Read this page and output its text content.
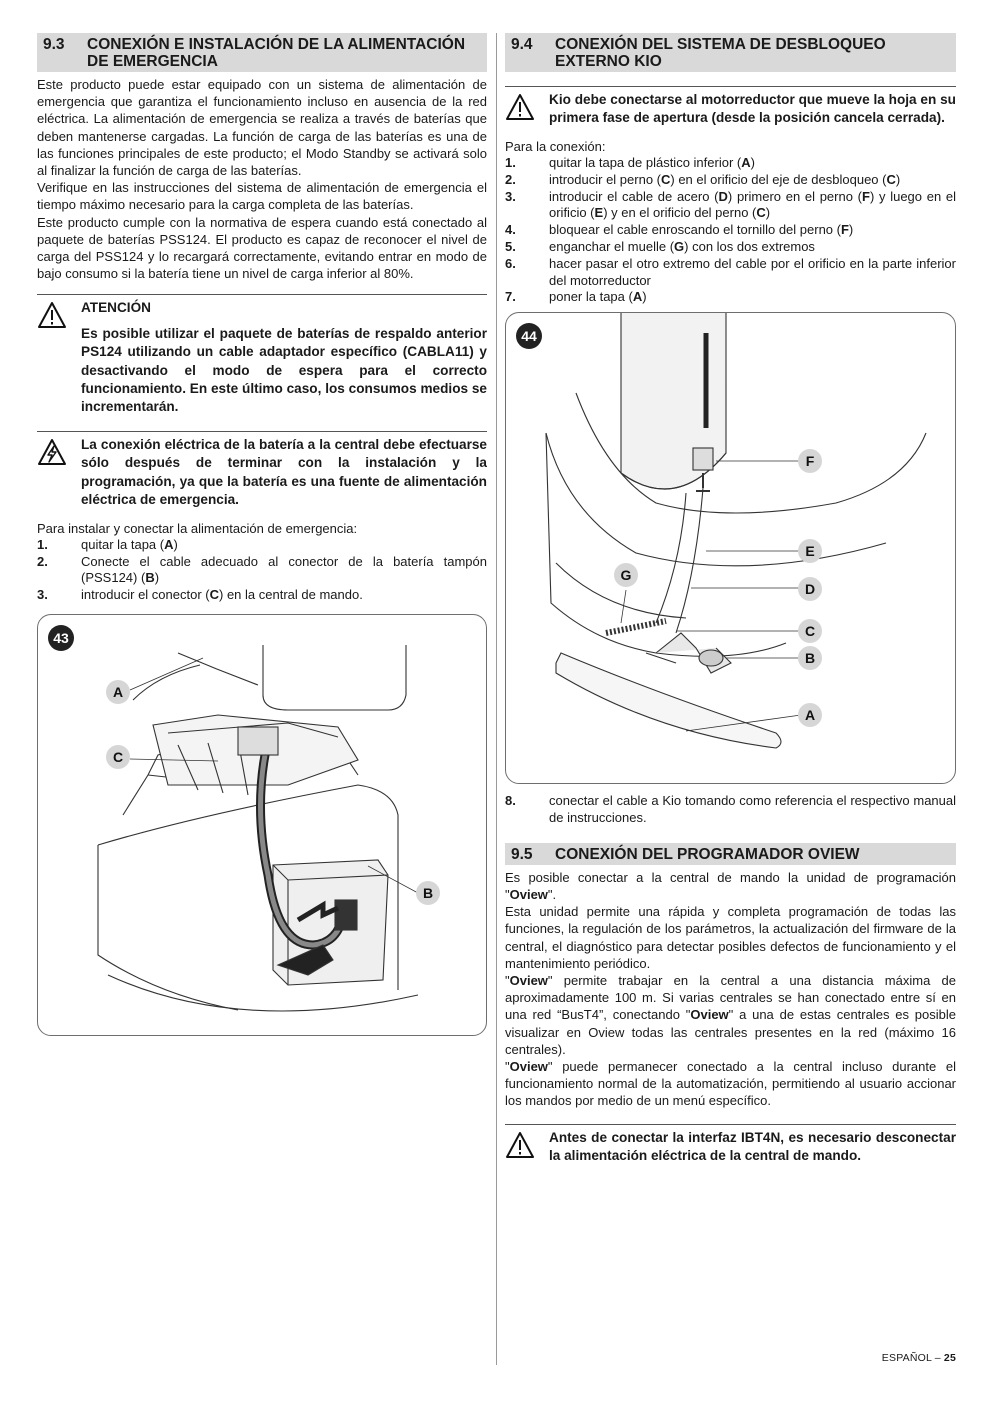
9.3	CONEXIÓN E INSTALACIÓN DE LA ALIMENTACIÓN DE EMERGENCIA

Este producto puede estar equipado con un sistema de alimentación de emergencia que garantiza el funcionamiento incluso en ausencia de la red eléctrica. La alimentación de emergencia se realiza a través de baterías que deben mantenerse cargadas. La función de carga de las baterías es una de las funciones principales de este producto; el Modo Standby se activará solo al finalizar la función de carga de las baterías.

Verifique en las instrucciones del sistema de alimentación de emergencia el tiempo máximo necesario para la carga completa de las baterías.

Este producto cumple con la normativa de espera cuando está conectado al paquete de baterías PSS124. El producto es capaz de reconocer el nivel de carga del PSS124 y lo recargará correctamente, evitando entrar en modo de bajo consumo si la batería tiene un nivel de carga inferior al 80%.

ATENCIÓN
Es posible utilizar el paquete de baterías de respaldo anterior PS124 utilizando un cable adaptador específico (CABLA11) y desactivando el modo de espera para el correcto funcionamiento. En este último caso, los consumos medios se incrementarán.
La conexión eléctrica de la batería a la central debe efectuarse sólo después de terminar con la instalación y la programación, ya que la batería es una fuente de alimentación eléctrica de emergencia.

Para instalar y conectar la alimentación de emergencia:

1.	quitar la tapa (A)
2.	Conecte el cable adecuado al conector de la batería tampón (PSS124) (B)
3.	introducir el conector (C) en la central de mando.
43
A
C
B
9.4	CONEXIÓN DEL SISTEMA DE DESBLOQUEO EXTERNO KIO
Kio debe conectarse al motorreductor que mueve la hoja en su primera fase de apertura (desde la posición cancela cerrada).

Para la conexión:

1.	quitar la tapa de plástico inferior (A)
2.	introducir el perno (C) en el orificio del eje de desbloqueo (C)
3.	introducir el cable de acero (D) primero en el perno (F) y luego en el orificio (E) y en el orificio del perno (C)
4.	bloquear el cable enroscando el tornillo del perno (F)
5.	enganchar el muelle (G) con los dos extremos
6.	hacer pasar el otro extremo del cable por el orificio en la parte inferior del motorreductor
7.	poner la tapa (A)
44
F
E
G
D
C
B
A
8.	conectar el cable a Kio tomando como referencia el respectivo manual de instrucciones.
9.5	CONEXIÓN DEL PROGRAMADOR OVIEW

Es posible conectar a la central de mando la unidad de programación "Oview".

Esta unidad permite una rápida y completa programación de todas las funciones, la regulación de los parámetros, la actualización del firmware de la central, el diagnóstico para detectar posibles defectos de funcionamiento y el mantenimiento periódico.

"Oview" permite trabajar en la central a una distancia máxima de aproximadamente 100 m. Si varias centrales se han conectado entre sí en una red “BusT4”, conectando "Oview" a una de estas centrales es posible visualizar en Oview todas las centrales presentes en la red (máximo 16 centrales).

"Oview" puede permanecer conectado a la central incluso durante el funcionamiento normal de la automatización, permitiendo al usuario accionar los mandos por medio de un menú específico.

Antes de conectar la interfaz IBT4N, es necesario desconectar la alimentación eléctrica de la central de mando.
ESPAÑOL – 25
